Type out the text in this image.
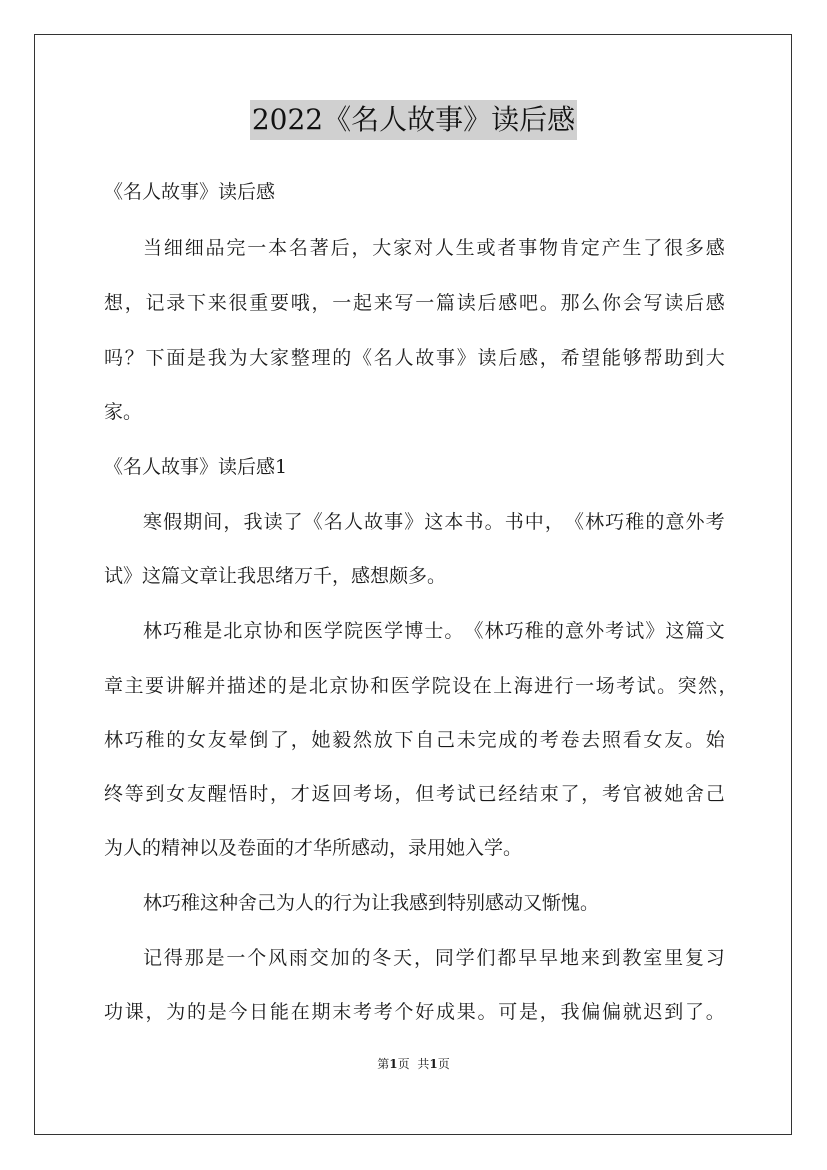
2022《名人故事》读后感
《名人故事》读后感
当 细 细 品 完 一 本 名 著 后 ， 大 家 对 人 生 或 者 事 物 肯 定 产 生 了 很 多 感
想 ， 记 录 下 来 很 重 要 哦 ， 一 起 来 写 一 篇 读 后 感 吧 。 那 么 你 会 写 读 后 感
吗 ？ 下 面 是 我 为 大 家 整 理 的 《 名 人 故 事 》 读 后 感 ， 希 望 能 够 帮 助 到 大
家。
《名人故事》读后感1
寒 假 期 间 ， 我 读 了 《 名 人 故 事 》 这 本 书 。 书 中 ， 《 林 巧 稚 的 意 外 考
试》这篇文章让我思绪万千，感想颇多。
林 巧 稚 是 北 京 协 和 医 学 院 医 学 博 士 。 《 林 巧 稚 的 意 外 考 试 》 这 篇 文
章 主 要 讲 解 并 描 述 的 是 北 京 协 和 医 学 院 设 在 上 海 进 行 一 场 考 试 。 突 然 ，
林 巧 稚 的 女 友 晕 倒 了 ， 她 毅 然 放 下 自 己 未 完 成 的 考 卷 去 照 看 女 友 。 始
终 等 到 女 友 醒 悟 时 ， 才 返 回 考 场 ， 但 考 试 已 经 结 束 了 ， 考 官 被 她 舍 己
为人的精神以及卷面的才华所感动，录用她入学。
林巧稚这种舍己为人的行为让我感到特别感动又惭愧。
记 得 那 是 一 个 风 雨 交 加 的 冬 天 ， 同 学 们 都 早 早 地 来 到 教 室 里 复 习
功 课 ， 为 的 是 今 日 能 在 期 末 考 考 个 好 成 果 。 可 是 ， 我 偏 偏 就 迟 到 了 。
第1页 共1页
